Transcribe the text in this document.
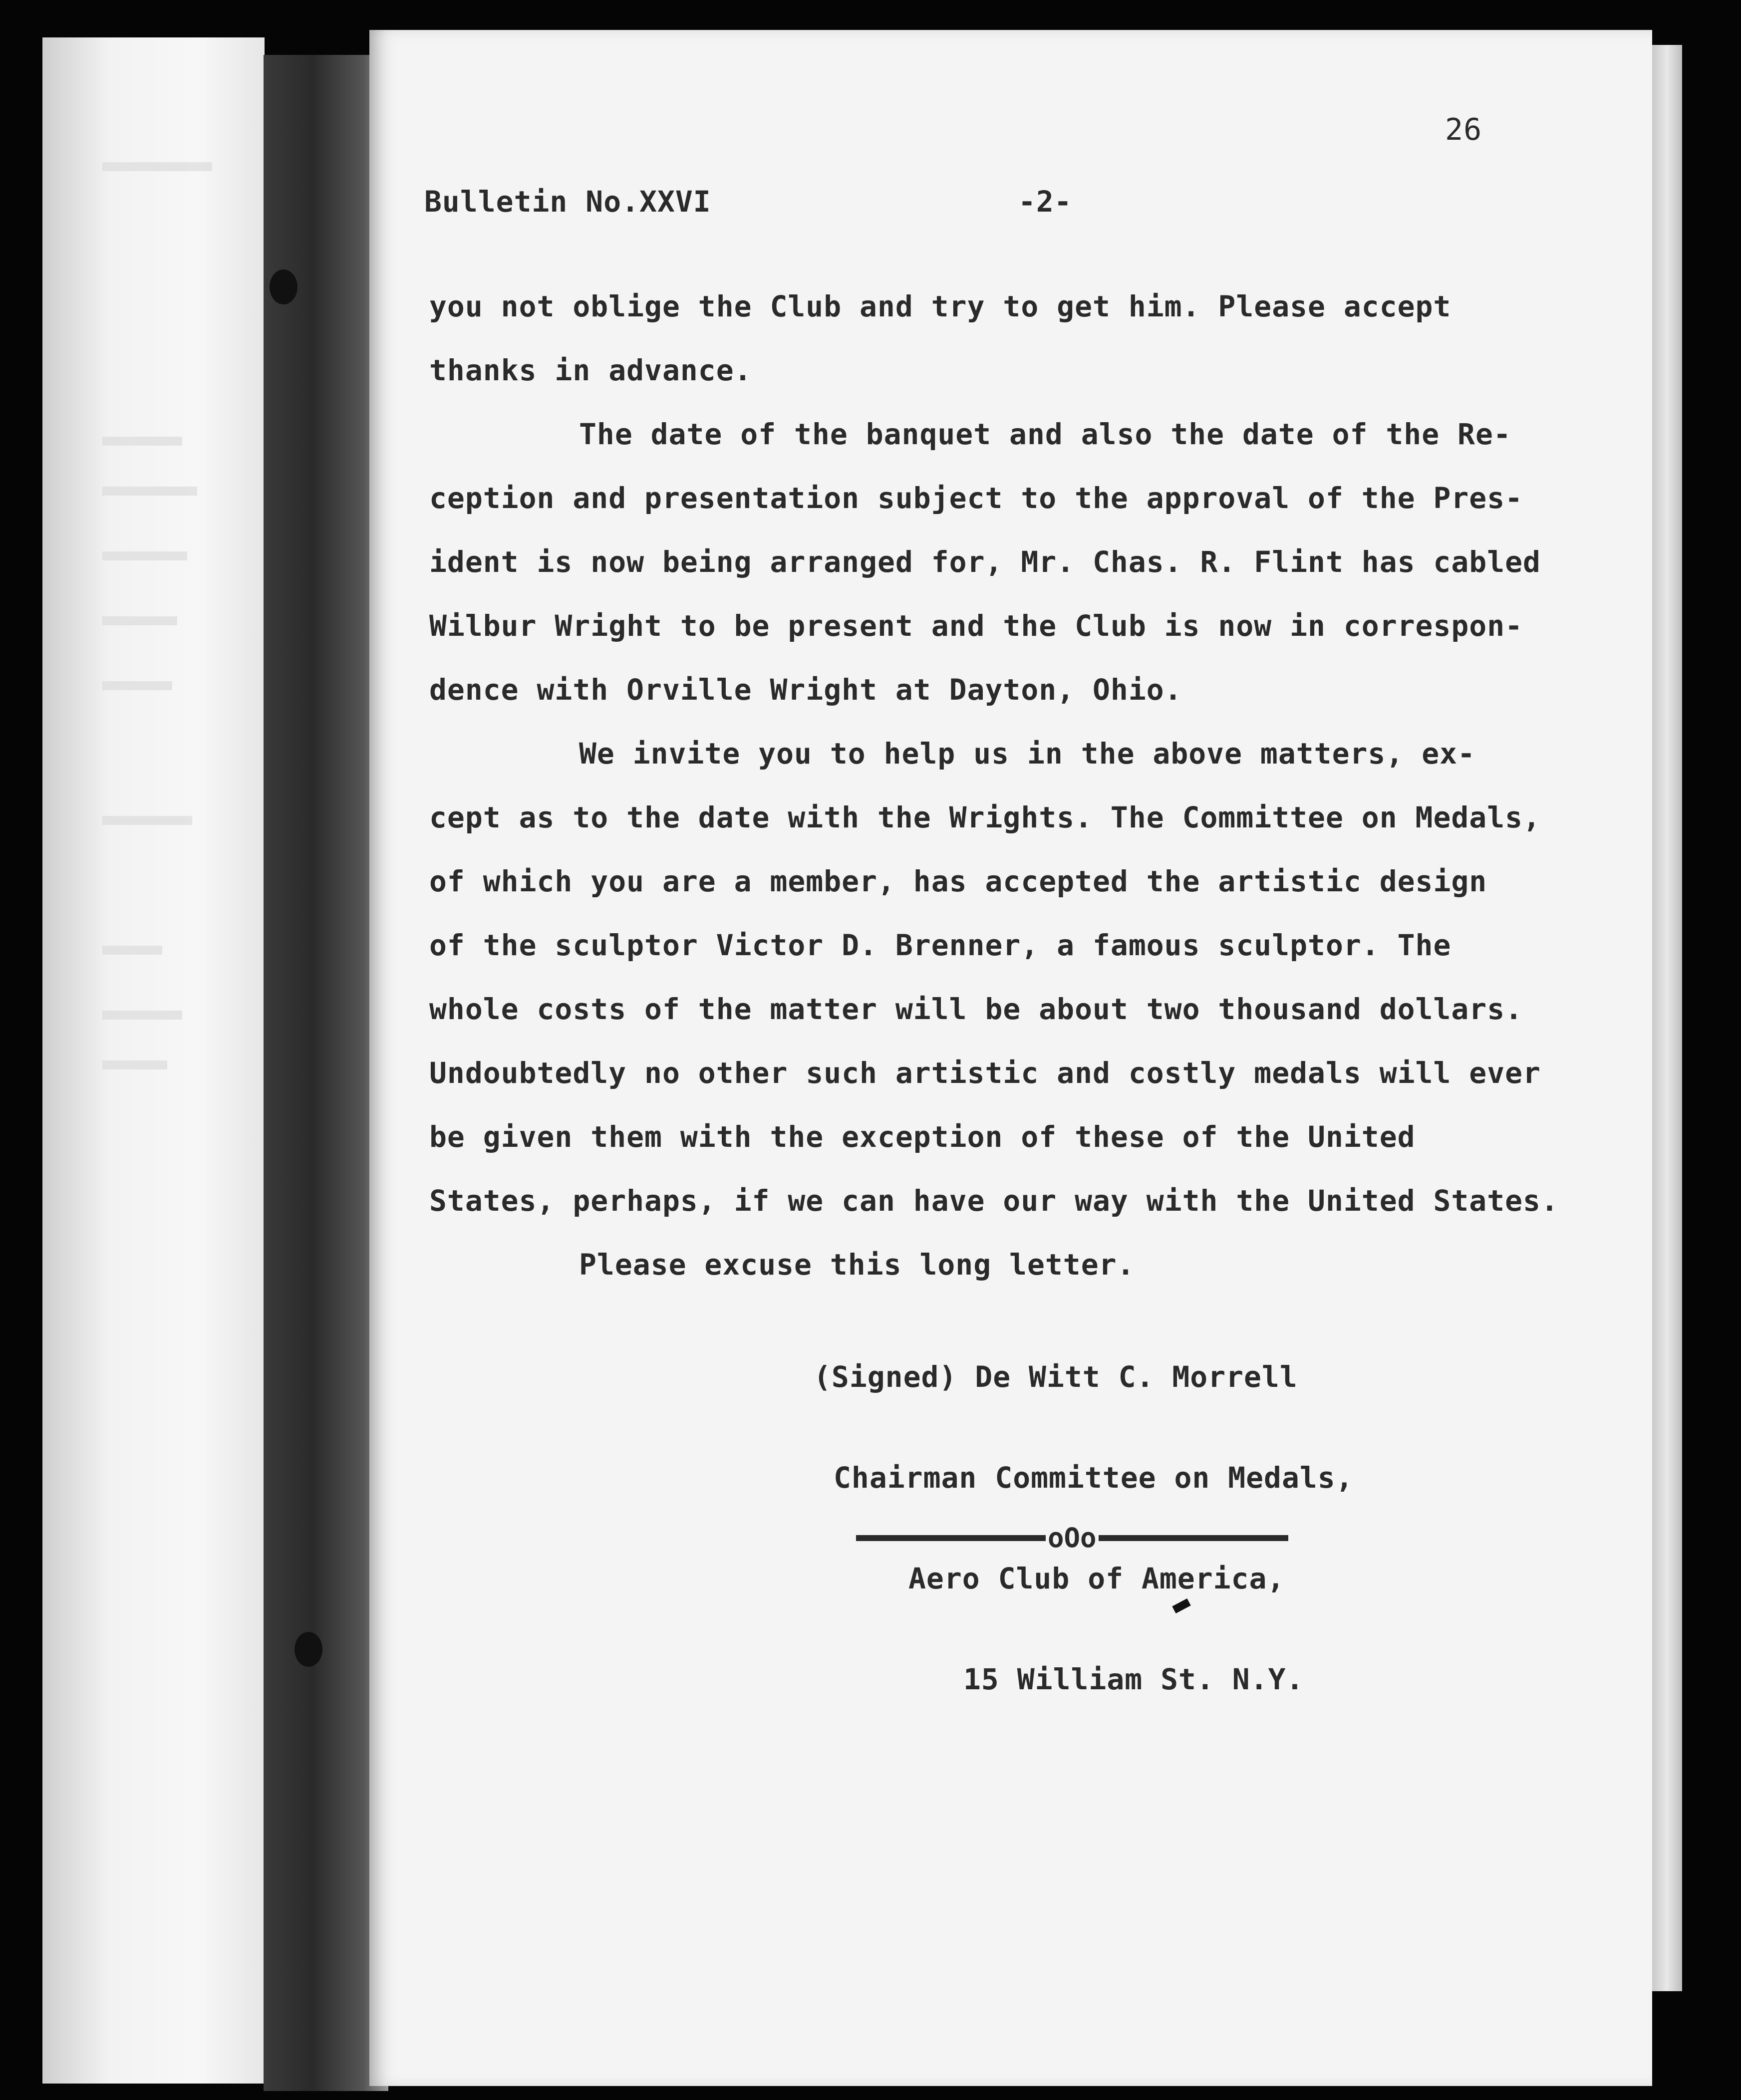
26
Bulletin No.XXVI	-2-
you not oblige the Club and try to get him. Please accept
thanks in advance.
The date of the banquet and also the date of the Re-
ception and presentation subject to the approval of the Pres-
ident is now being arranged for, Mr. Chas. R. Flint has cabled
Wilbur Wright to be present and the Club is now in correspon-
dence with Orville Wright at Dayton, Ohio.
We invite you to help us in the above matters, ex-
cept as to the date with the Wrights. The Committee on Medals,
of which you are a member, has accepted the artistic design
of the sculptor Victor D. Brenner, a famous sculptor. The
whole costs of the matter will be about two thousand dollars.
Undoubtedly no other such artistic and costly medals will ever
be given them with the exception of these of the United
States, perhaps, if we can have our way with the United States.
Please excuse this long letter.

(Signed) De Witt C. Morrell

Chairman Committee on Medals,

Aero Club of America,

15 William St. N.Y.

oOo
